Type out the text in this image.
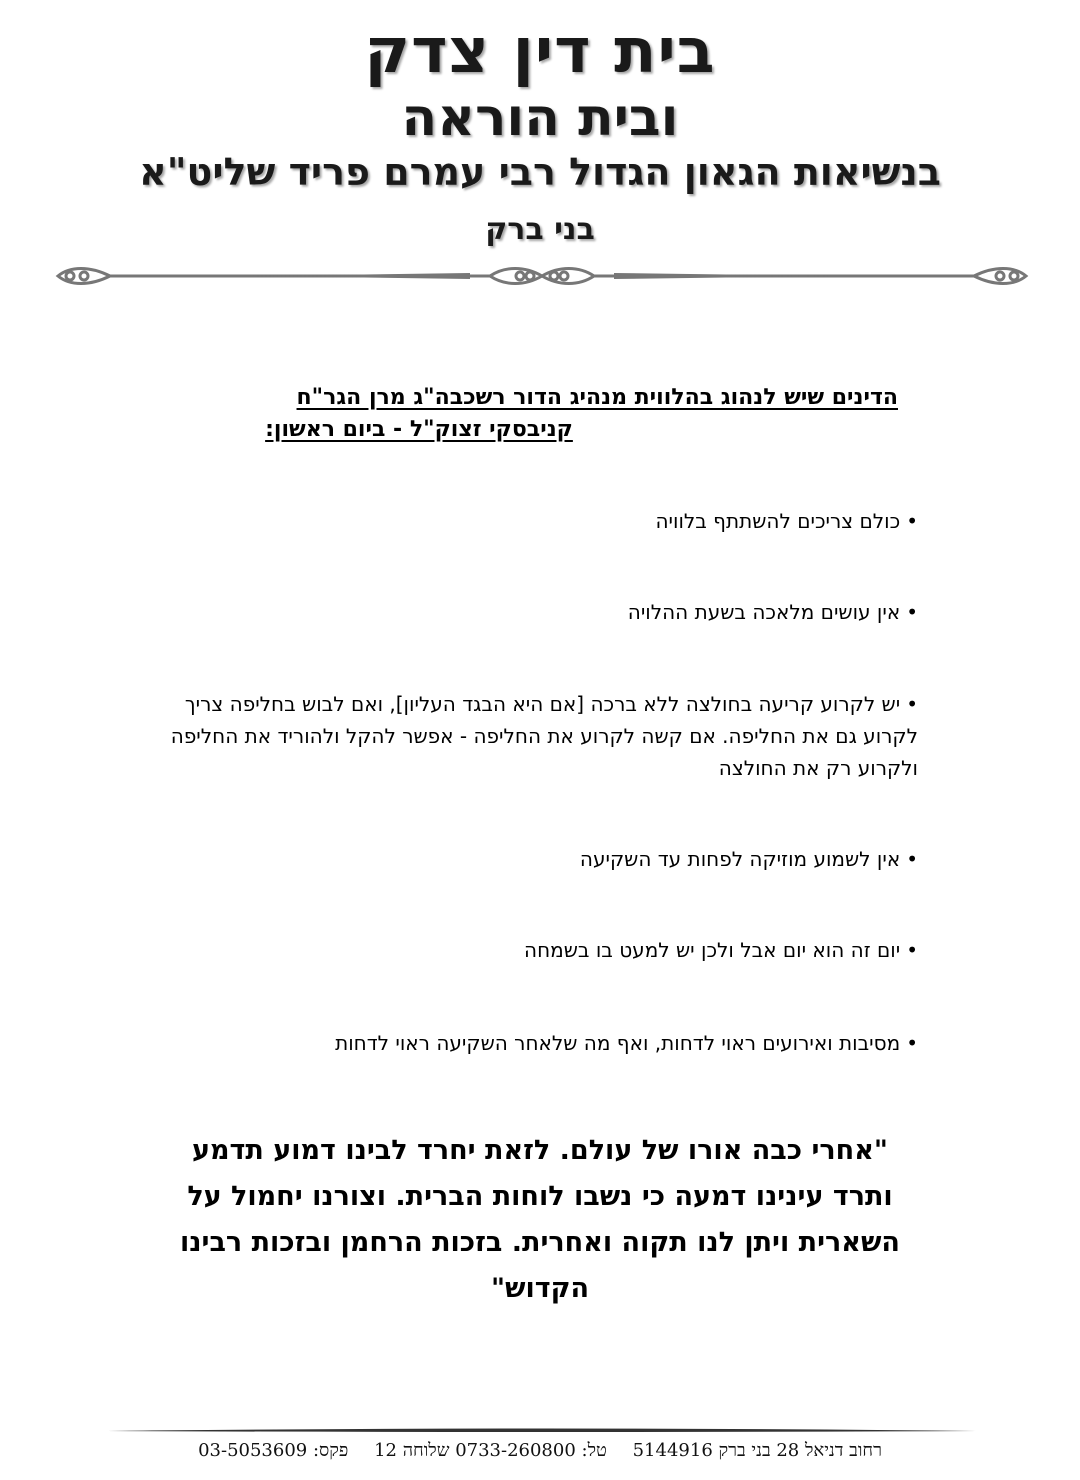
בית דין צדק
ובית הוראה
בנשיאות הגאון הגדול רבי עמרם פריד שליט"א
בני ברק
הדינים שיש לנהוג בהלווית מנהיג הדור רשכבה"ג מרן הגר"ח
קניבסקי זצוק"ל - ביום ראשון:
•כולם צריכים להשתתף בלוויה
•אין עושים מלאכה בשעת ההלויה
•יש לקרוע קריעה בחולצה ללא ברכה [אם היא הבגד העליון], ואם לבוש בחליפה צריך לקרוע גם את החליפה. אם קשה לקרוע את החליפה - אפשר להקל ולהוריד את החליפה ולקרוע רק את החולצה
•אין לשמוע מוזיקה לפחות עד השקיעה
•יום זה הוא יום אבל ולכן יש למעט בו בשמחה
•מסיבות ואירועים ראוי לדחות, ואף מה שלאחר השקיעה ראוי לדחות
"אחרי כבה אורו של עולם. לזאת יחרד לבינו דמוע תדמע ותרד עינינו דמעה כי נשבו לוחות הברית. וצורנו יחמול על השארית ויתן לנו תקוה ואחרית. בזכות הרחמן ובזכות רבינו הקדוש"
רחוב דניאל 28 בני ברק 5144916 טל: 0733-260800 שלוחה 12 פקס: 03-5053609
